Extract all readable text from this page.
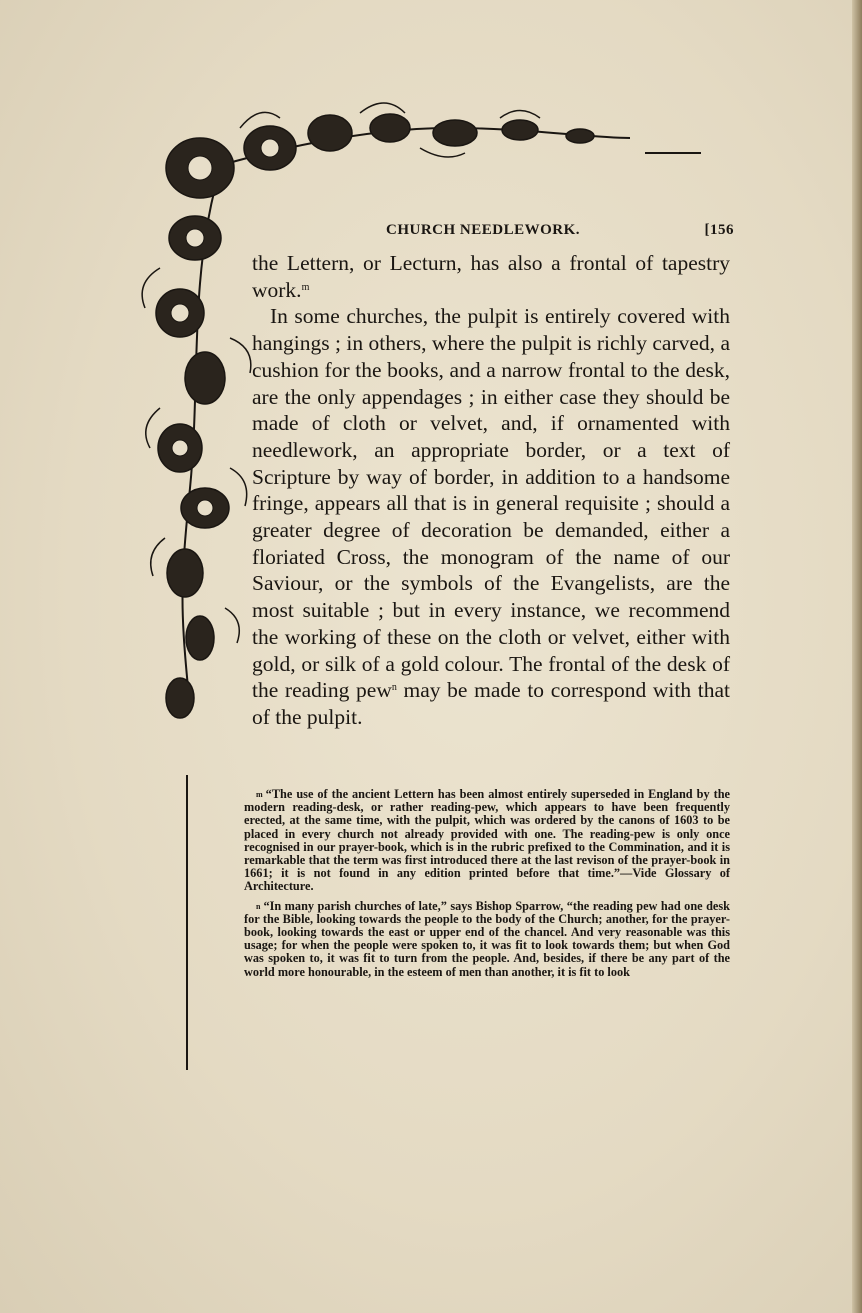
CHURCH NEEDLEWORK.	[156

the Lettern, or Lecturn, has also a frontal of tapestry work.$^m$

In some churches, the pulpit is entirely covered with hangings ; in others, where the pulpit is richly carved, a cushion for the books, and a narrow frontal to the desk, are the only appendages ; in either case they should be made of cloth or velvet, and, if ornamented with needlework, an appropriate border, or a text of Scripture by way of border, in addition to a handsome fringe, appears all that is in general requisite ; should a greater degree of decoration be demanded, either a floriated Cross, the monogram of the name of our Saviour, or the symbols of the Evangelists, are the most suitable ; but in every instance, we recommend the working of these on the cloth or velvet, either with gold, or silk of a gold colour. The frontal of the desk of the reading pew$^n$ may be made to correspond with that of the pulpit.

$^m$ “The use of the ancient Lettern has been almost entirely superseded in England by the modern reading-desk, or rather reading-pew, which appears to have been frequently erected, at the same time, with the pulpit, which was ordered by the canons of 1603 to be placed in every church not already provided with one. The reading-pew is only once recognised in our prayer-book, which is in the rubric prefixed to the Commination, and it is remarkable that the term was first introduced there at the last revison of the prayer-book in 1661; it is not found in any edition printed before that time.”—Vide Glossary of Architecture.

$^n$ “In many parish churches of late,” says Bishop Sparrow, “the reading pew had one desk for the Bible, looking towards the people to the body of the Church; another, for the prayer-book, looking towards the east or upper end of the chancel. And very reasonable was this usage; for when the people were spoken to, it was fit to look towards them; but when God was spoken to, it was fit to turn from the people. And, besides, if there be any part of the world more honourable, in the esteem of men than another, it is fit to look
